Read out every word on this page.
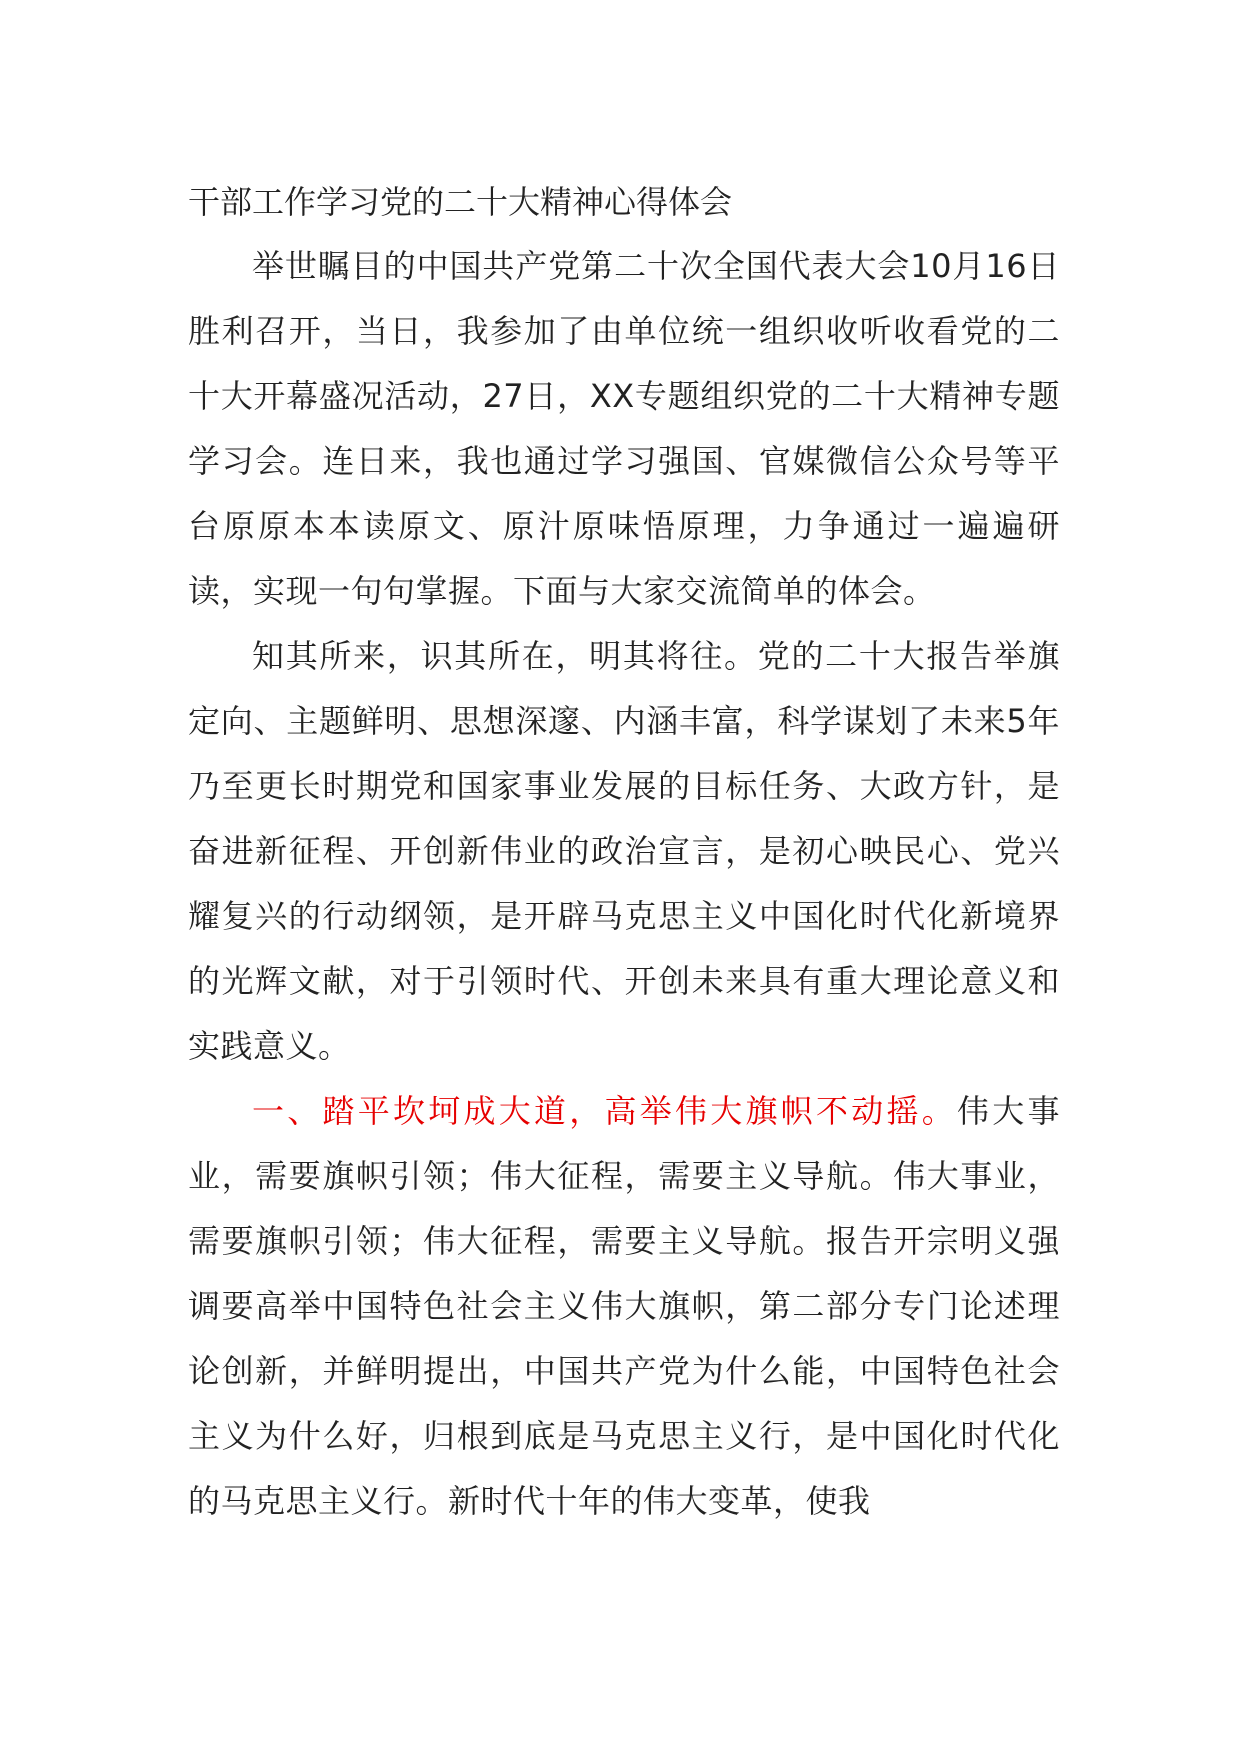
干部工作学习党的二十大精神心得体会

举世瞩目的中国共产党第二十次全国代表大会10月16日胜利召开，当日，我参加了由单位统一组织收听收看党的二十大开幕盛况活动，27日，XX专题组织党的二十大精神专题学习会。连日来，我也通过学习强国、官媒微信公众号等平台原原本本读原文、原汁原味悟原理，力争通过一遍遍研读，实现一句句掌握。下面与大家交流简单的体会。

知其所来，识其所在，明其将往。党的二十大报告举旗定向、主题鲜明、思想深邃、内涵丰富，科学谋划了未来5年乃至更长时期党和国家事业发展的目标任务、大政方针，是奋进新征程、开创新伟业的政治宣言，是初心映民心、党兴耀复兴的行动纲领，是开辟马克思主义中国化时代化新境界的光辉文献，对于引领时代、开创未来具有重大理论意义和实践意义。

一、踏平坎坷成大道，高举伟大旗帜不动摇。伟大事业，需要旗帜引领；伟大征程，需要主义导航。伟大事业，需要旗帜引领；伟大征程，需要主义导航。报告开宗明义强调要高举中国特色社会主义伟大旗帜，第二部分专门论述理论创新，并鲜明提出，中国共产党为什么能，中国特色社会主义为什么好，归根到底是马克思主义行，是中国化时代化的马克思主义行。新时代十年的伟大变革，使我
